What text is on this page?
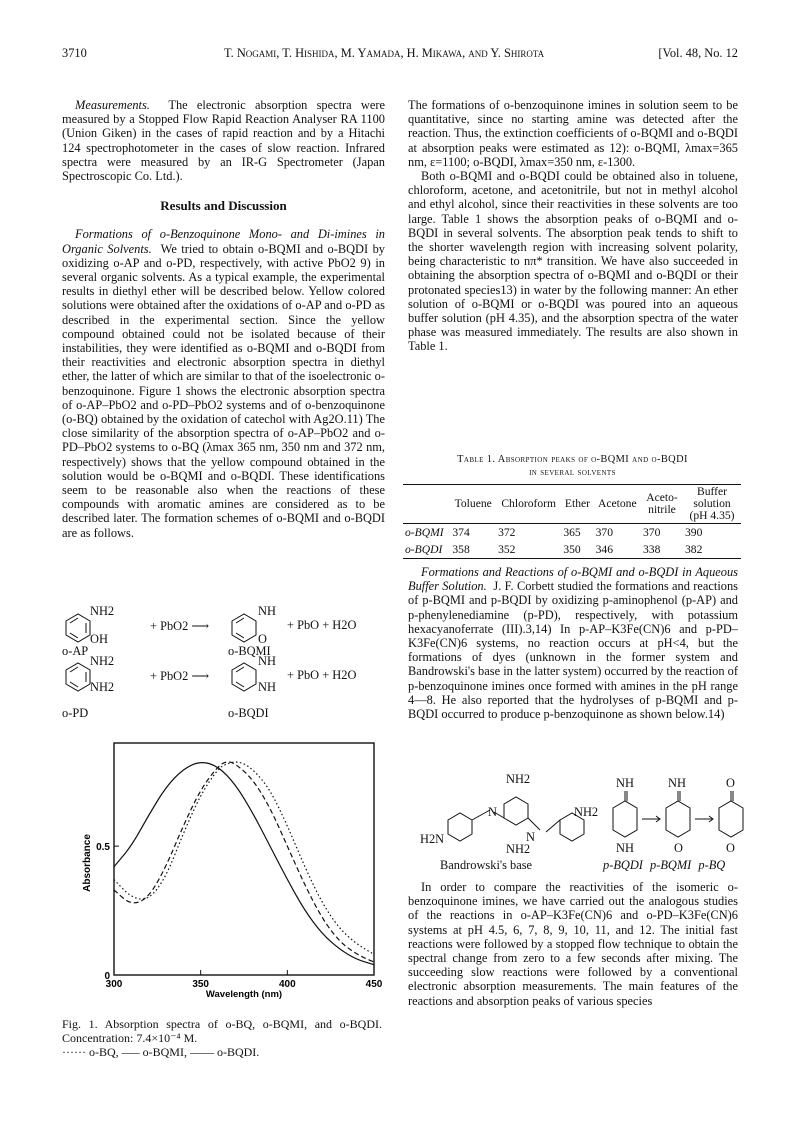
3710	T. Nogami, T. Hishida, M. Yamada, H. Mikawa, and Y. Shirota	[Vol. 48, No. 12

Measurements. The electronic absorption spectra were measured by a Stopped Flow Rapid Reaction Analyser RA 1100 (Union Giken) in the cases of rapid reaction and by a Hitachi 124 spectrophotometer in the cases of slow reaction. Infrared spectra were measured by an IR-G Spectrometer (Japan Spectroscopic Co. Ltd.).

Results and Discussion

Formations of o-Benzoquinone Mono- and Di-imines in Organic Solvents. We tried to obtain o-BQMI and o-BQDI by oxidizing o-AP and o-PD, respectively, with active PbO2 9) in several organic solvents. As a typical example, the experimental results in diethyl ether will be described below. Yellow colored solutions were obtained after the oxidations of o-AP and o-PD as described in the experimental section. Since the yellow compound obtained could not be isolated because of their instabilities, they were identified as o-BQMI and o-BQDI from their reactivities and electronic absorption spectra in diethyl ether, the latter of which are similar to that of the isoelectronic o-benzoquinone. Figure 1 shows the electronic absorption spectra of o-AP–PbO2 and o-PD–PbO2 systems and of o-benzoquinone (o-BQ) obtained by the oxidation of catechol with Ag2O.11) The close similarity of the absorption spectra of o-AP–PbO2 and o-PD–PbO2 systems to o-BQ (λmax 365 nm, 350 nm and 372 nm, respectively) shows that the yellow compound obtained in the solution would be o-BQMI and o-BQDI. These identifications seem to be reasonable also when the reactions of these compounds with aromatic amines are considered as to be described later. The formation schemes of o-BQMI and o-BQDI are as follows.

NH2
OH
+ PbO2 ⟶
NH
O
+ PbO + H2O
o-AP	o-BQMI
NH2
NH2
+ PbO2 ⟶
NH
NH
+ PbO + H2O
o-PD	o-BQDI
300	350	400	450
0
0.5
Absorbance
Wavelength (nm)
Fig. 1. Absorption spectra of o-BQ, o-BQMI, and o-BQDI. Concentration: 7.4×10⁻⁴ M.
······ o-BQ, ––– o-BQMI, —— o-BQDI.

The formations of o-benzoquinone imines in solution seem to be quantitative, since no starting amine was detected after the reaction. Thus, the extinction coefficients of o-BQMI and o-BQDI at absorption peaks were estimated as 12): o-BQMI, λmax=365 nm, ε=1100; o-BQDI, λmax=350 nm, ε-1300.

Both o-BQMI and o-BQDI could be obtained also in toluene, chloroform, acetone, and acetonitrile, but not in methyl alcohol and ethyl alcohol, since their reactivities in these solvents are too large. Table 1 shows the absorption peaks of o-BQMI and o-BQDI in several solvents. The absorption peak tends to shift to the shorter wavelength region with increasing solvent polarity, being characteristic to nπ* transition. We have also succeeded in obtaining the absorption spectra of o-BQMI and o-BQDI or their protonated species13) in water by the following manner: An ether solution of o-BQMI or o-BQDI was poured into an aqueous buffer solution (pH 4.35), and the absorption spectra of the water phase was measured immediately. The results are also shown in Table 1.

Table 1. Absorption peaks of o-BQMI and o-BQDI
in several solvents
	Toluene	Chloroform	Ether	Acetone	Aceto-nitrile	Buffer solution (pH 4.35)
o-BQMI	374	372	365	370	370	390
o-BQDI	358	352	350	346	338	382

Formations and Reactions of o-BQMI and o-BQDI in Aqueous Buffer Solution. J. F. Corbett studied the formations and reactions of p-BQMI and p-BQDI by oxidizing p-aminophenol (p-AP) and p-phenylenediamine (p-PD), respectively, with potassium hexacyanoferrate (III).3,14) In p-AP–K3Fe(CN)6 and p-PD–K3Fe(CN)6 systems, no reaction occurs at pH<4, but the formations of dyes (unknown in the former system and Bandrowski's base in the latter system) occurred by the reaction of p-benzoquinone imines once formed with amines in the pH range 4—8. He also reported that the hydrolyses of p-BQMI and p-BQDI occurred to produce p-benzoquinone as shown below.14)

NH2
N
N
NH2
H2N
NH2
NH	NH	O
NH	O	O
Bandrowski's base	p-BQDI p-BQMI p-BQ

In order to compare the reactivities of the isomeric o-benzoquinone imines, we have carried out the analogous studies of the reactions in o-AP–K3Fe(CN)6 and o-PD–K3Fe(CN)6 systems at pH 4.5, 6, 7, 8, 9, 10, 11, and 12. The initial fast reactions were followed by a stopped flow technique to obtain the spectral change from zero to a few seconds after mixing. The succeeding slow reactions were followed by a conventional electronic absorption measurements. The main features of the reactions and absorption peaks of various species
